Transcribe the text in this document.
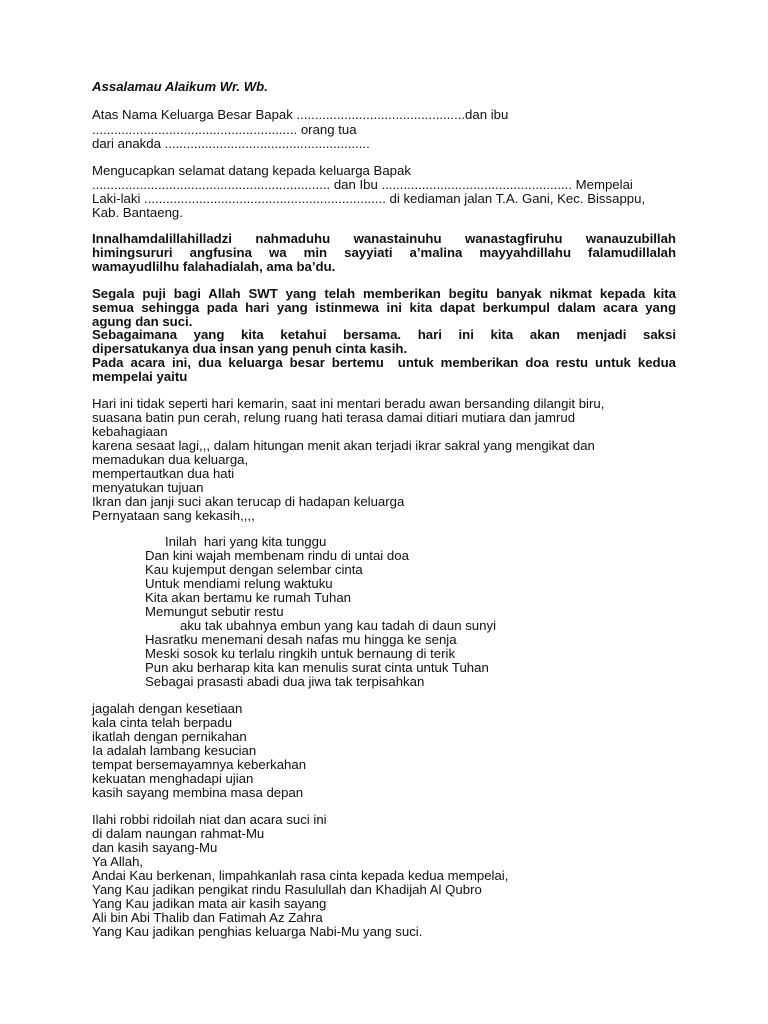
Assalamau Alaikum Wr. Wb.
Atas Nama Keluarga Besar Bapak ..............................................dan ibu
........................................................ orang tua
dari anakda ........................................................
Mengucapkan selamat datang kepada keluarga Bapak
................................................................. dan Ibu .................................................... Mempelai
Laki-laki .................................................................. di kediaman jalan T.A. Gani, Kec. Bissappu,
Kab. Bantaeng.
Innalhamdalillahilladzi nahmaduhu wanastainuhu wanastagfiruhu wanauzubillah
himingsururi angfusina wa min sayyiati a’malina mayyahdillahu falamudillalah
wamayudlilhu falahadialah, ama ba’du.
Segala puji bagi Allah SWT yang telah memberikan begitu banyak nikmat kepada kita
semua sehingga pada hari yang istinmewa ini kita dapat berkumpul dalam acara yang
agung dan suci.
Sebagaimana yang kita ketahui bersama. hari ini kita akan menjadi saksi
dipersatukanya dua insan yang penuh cinta kasih.
Pada acara ini, dua keluarga besar bertemu  untuk memberikan doa restu untuk kedua
mempelai yaitu
Hari ini tidak seperti hari kemarin, saat ini mentari beradu awan bersanding dilangit biru,
suasana batin pun cerah, relung ruang hati terasa damai ditiari mutiara dan jamrud
kebahagiaan
karena sesaat lagi,,, dalam hitungan menit akan terjadi ikrar sakral yang mengikat dan
memadukan dua keluarga,
mempertautkan dua hati
menyatukan tujuan
Ikran dan janji suci akan terucap di hadapan keluarga
Pernyataan sang kekasih,,,,
Inilah  hari yang kita tunggu
Dan kini wajah membenam rindu di untai doa
Kau kujemput dengan selembar cinta
Untuk mendiami relung waktuku
Kita akan bertamu ke rumah Tuhan
Memungut sebutir restu
aku tak ubahnya embun yang kau tadah di daun sunyi
Hasratku menemani desah nafas mu hingga ke senja
Meski sosok ku terlalu ringkih untuk bernaung di terik
Pun aku berharap kita kan menulis surat cinta untuk Tuhan
Sebagai prasasti abadi dua jiwa tak terpisahkan
jagalah dengan kesetiaan
kala cinta telah berpadu
ikatlah dengan pernikahan
Ia adalah lambang kesucian
tempat bersemayamnya keberkahan
kekuatan menghadapi ujian
kasih sayang membina masa depan
Ilahi robbi ridoilah niat dan acara suci ini
di dalam naungan rahmat-Mu
dan kasih sayang-Mu
Ya Allah,
Andai Kau berkenan, limpahkanlah rasa cinta kepada kedua mempelai,
Yang Kau jadikan pengikat rindu Rasulullah dan Khadijah Al Qubro
Yang Kau jadikan mata air kasih sayang
Ali bin Abi Thalib dan Fatimah Az Zahra
Yang Kau jadikan penghias keluarga Nabi-Mu yang suci.
